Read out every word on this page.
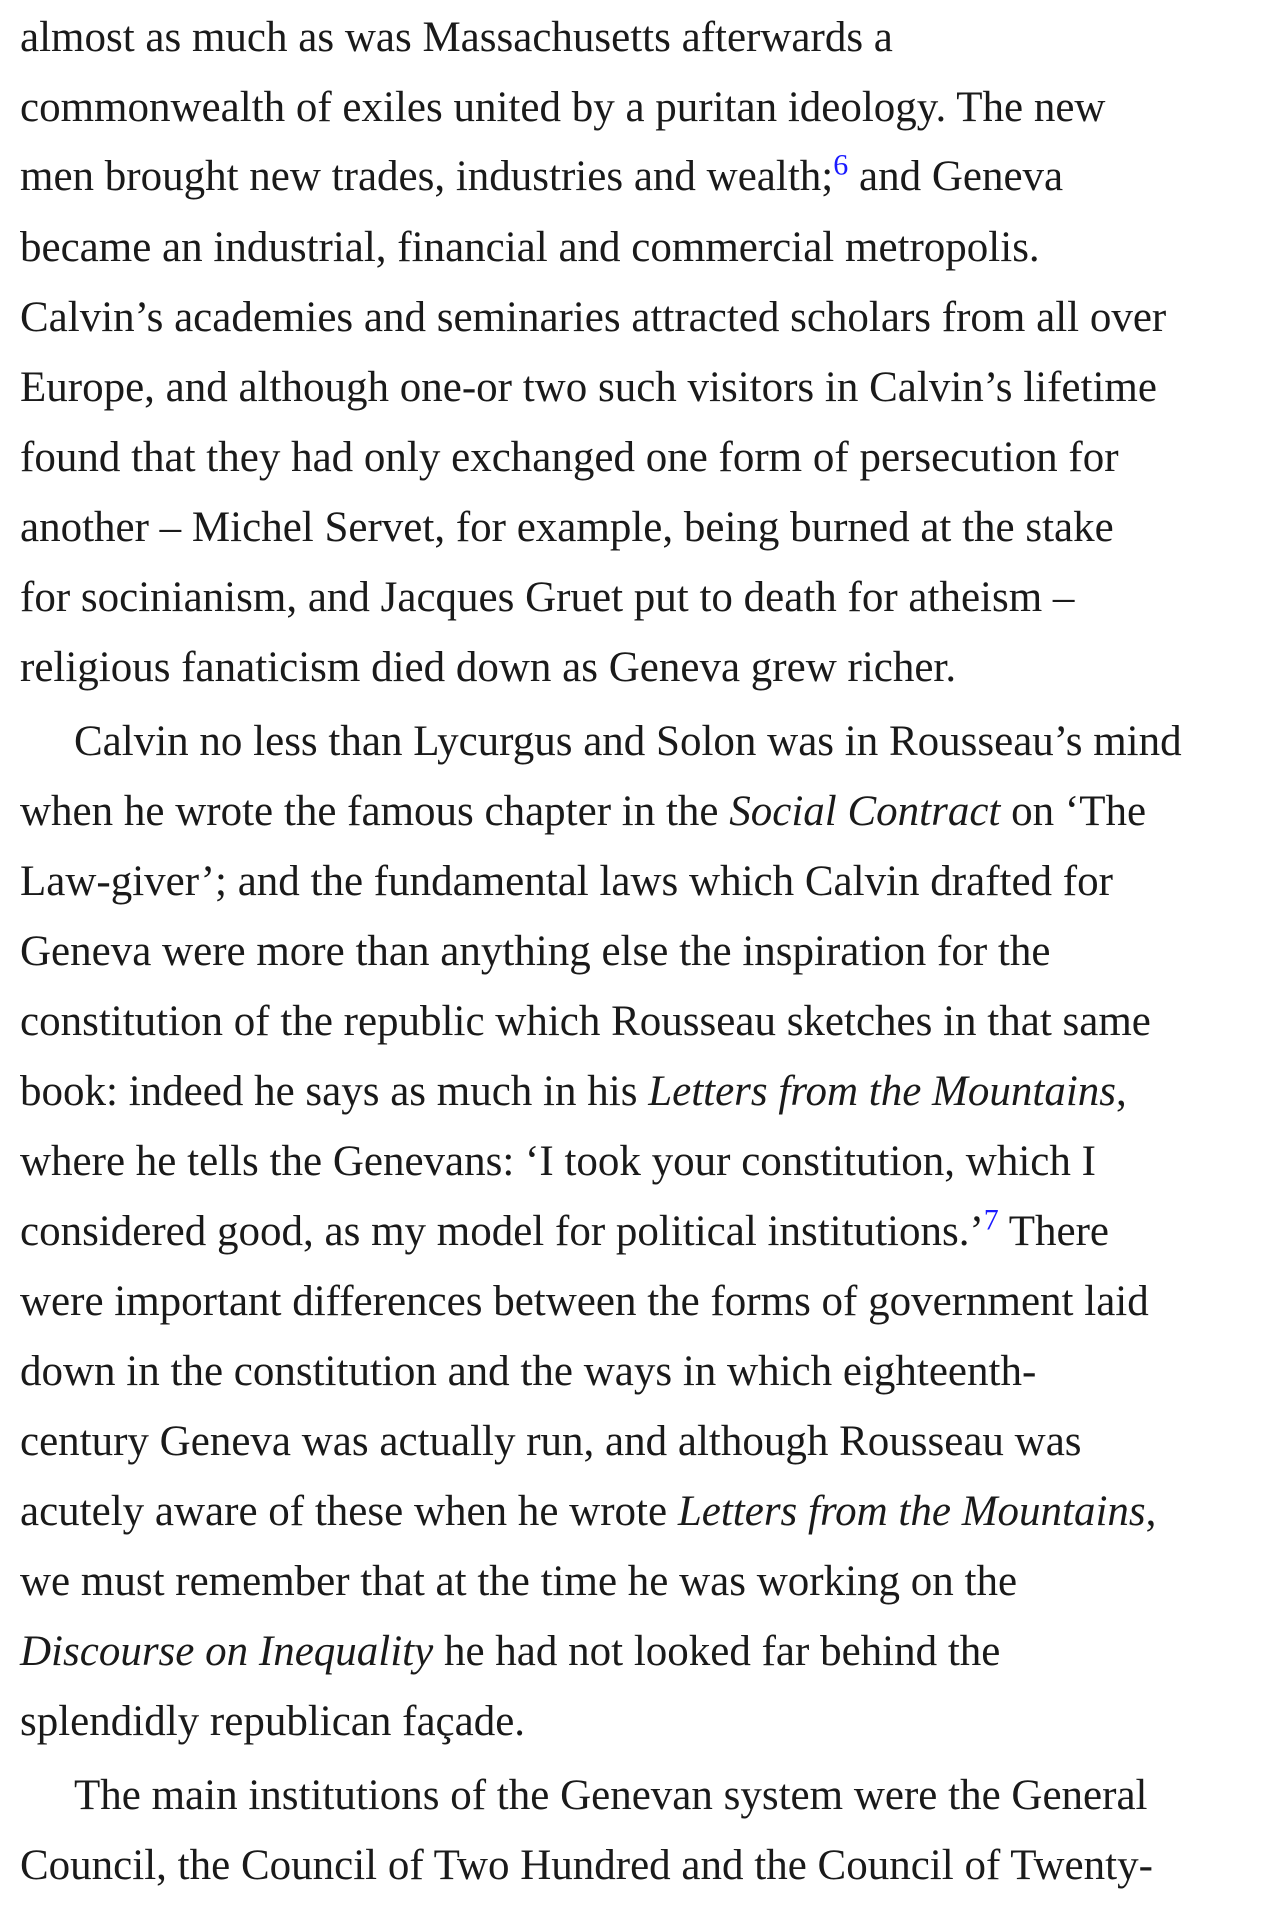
almost as much as was Massachusetts afterwards a
commonwealth of exiles united by a puritan ideology. The new
men brought new trades, industries and wealth;$^6$ and Geneva
became an industrial, financial and commercial metropolis.
Calvin’s academies and seminaries attracted scholars from all over
Europe, and although one-or two such visitors in Calvin’s lifetime
found that they had only exchanged one form of persecution for
another – Michel Servet, for example, being burned at the stake
for socinianism, and Jacques Gruet put to death for atheism –
religious fanaticism died down as Geneva grew richer.
Calvin no less than Lycurgus and Solon was in Rousseau’s mind
when he wrote the famous chapter in the Social Contract on ‘The
Law-giver’; and the fundamental laws which Calvin drafted for
Geneva were more than anything else the inspiration for the
constitution of the republic which Rousseau sketches in that same
book: indeed he says as much in his Letters from the Mountains,
where he tells the Genevans: ‘I took your constitution, which I
considered good, as my model for political institutions.’$^7$ There
were important differences between the forms of government laid
down in the constitution and the ways in which eighteenth-
century Geneva was actually run, and although Rousseau was
acutely aware of these when he wrote Letters from the Mountains,
we must remember that at the time he was working on the
Discourse on Inequality he had not looked far behind the
splendidly republican façade.
The main institutions of the Genevan system were the General
Council, the Council of Two Hundred and the Council of Twenty-
